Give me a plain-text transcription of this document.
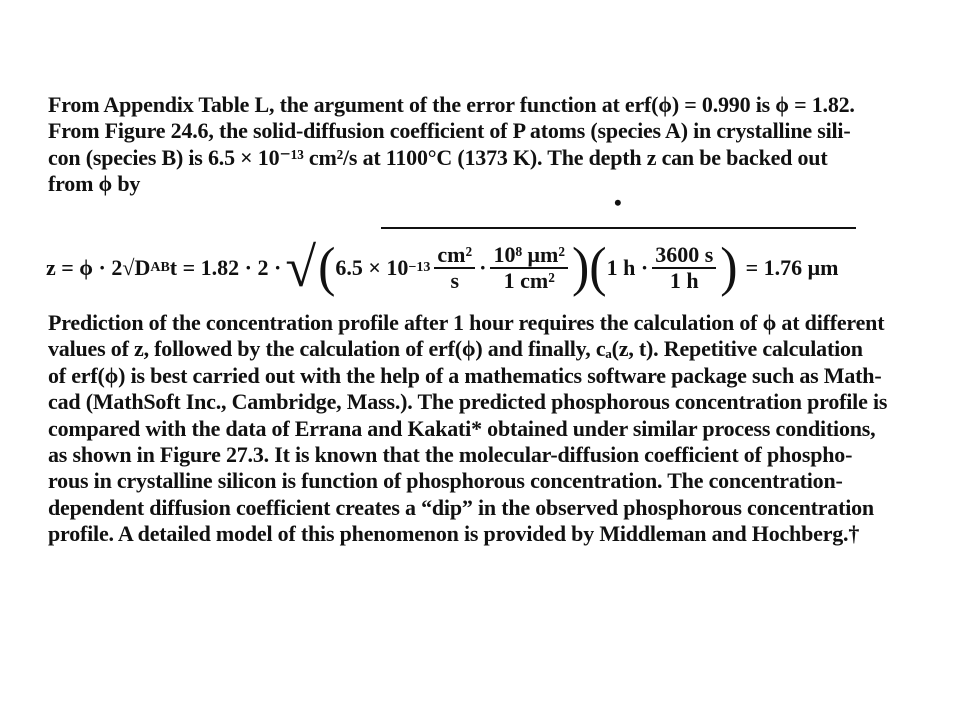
From Appendix Table L, the argument of the error function at erf(ϕ) = 0.990 is ϕ = 1.82.
From Figure 24.6, the solid-diffusion coefficient of P atoms (species A) in crystalline sili-
con (species B) is 6.5 × 10⁻¹³ cm²/s at 1100°C (1373 K). The depth z can be backed out
from ϕ by
•
z = ϕ · 2√D AB t = 1.82 · 2 · √ ( $6.5 \times 10 -13 \frac{\text{cm²}}{s} \cdot \frac{\text{10⁸ μm²}}{\text{1 cm²}}$ ) ( 1 $h \cdot \frac{3600 s}{1 h}$ ) = 1.76 μm
Prediction of the concentration profile after 1 hour requires the calculation of ϕ at different
values of z, followed by the calculation of erf(ϕ) and finally, cₐ(z, t). Repetitive calculation
of erf(ϕ) is best carried out with the help of a mathematics software package such as Math-
cad (MathSoft Inc., Cambridge, Mass.). The predicted phosphorous concentration profile is
compared with the data of Errana and Kakati* obtained under similar process conditions,
as shown in Figure 27.3. It is known that the molecular-diffusion coefficient of phospho-
rous in crystalline silicon is function of phosphorous concentration. The concentration-
dependent diffusion coefficient creates a “dip” in the observed phosphorous concentration
profile. A detailed model of this phenomenon is provided by Middleman and Hochberg.†
